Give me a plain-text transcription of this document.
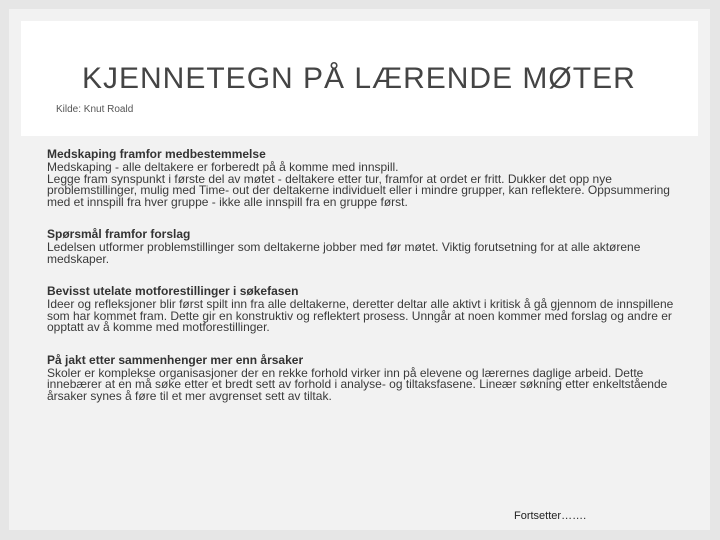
KJENNETEGN PÅ LÆRENDE MØTER
Kilde: Knut Roald
Medskaping framfor medbestemmelse

Medskaping - alle deltakere er forberedt på å komme med innspill.

Legge fram synspunkt i første del av møtet - deltakere etter tur, framfor at ordet er fritt. Dukker det opp nye problemstillinger, mulig med Time- out der deltakerne individuelt eller i mindre grupper, kan reflektere. Oppsummering med et innspill fra hver gruppe - ikke alle innspill fra en gruppe først.

Spørsmål framfor forslag

Ledelsen utformer problemstillinger som deltakerne jobber med før møtet. Viktig forutsetning for at alle aktørene medskaper.

Bevisst utelate motforestillinger i søkefasen

Ideer og refleksjoner blir først spilt inn fra alle deltakerne, deretter deltar alle aktivt i kritisk å gå gjennom de innspillene som har kommet fram. Dette gir en konstruktiv og reflektert prosess. Unngår at noen kommer med forslag og andre er opptatt av å komme med motforestillinger.

På jakt etter sammenhenger mer enn årsaker

Skoler er komplekse organisasjoner der en rekke forhold virker inn på elevene og lærernes daglige arbeid. Dette innebærer at en må søke etter et bredt sett av forhold i analyse- og tiltaksfasene. Lineær søkning etter enkeltstående årsaker synes å føre til et mer avgrenset sett av tiltak.

Fortsetter…….
